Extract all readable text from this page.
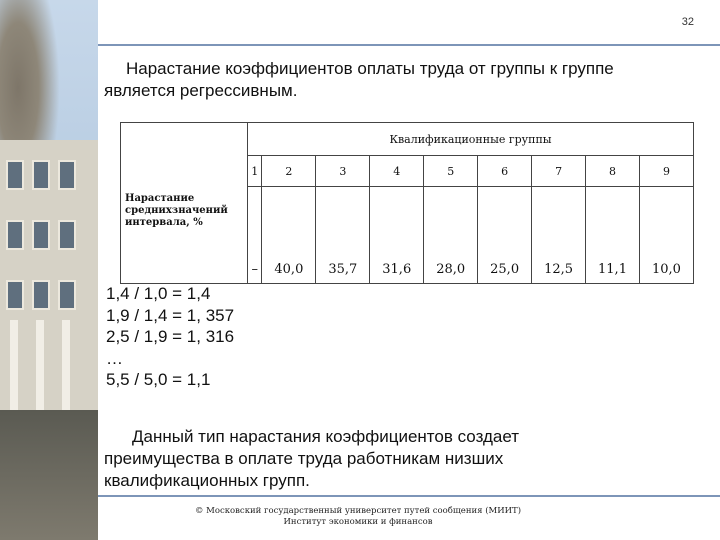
32
Нарастание коэффициентов оплаты труда от группы к группе является регрессивным.
	Квалификационные группы								
	1	2	3	4	5	6	7	8	9
Нарастание среднихзначений интервала, %	–	40,0	35,7	31,6	28,0	25,0	12,5	11,1	10,0
1,4 / 1,0 = 1,4
1,9 / 1,4 = 1, 357
2,5 / 1,9 = 1, 316
…
5,5 / 5,0 = 1,1
Данный тип нарастания коэффициентов создает преимущества в оплате труда работникам низших квалификационных групп.
© Московский государственный университет путей сообщения (МИИТ)
Институт экономики и финансов
